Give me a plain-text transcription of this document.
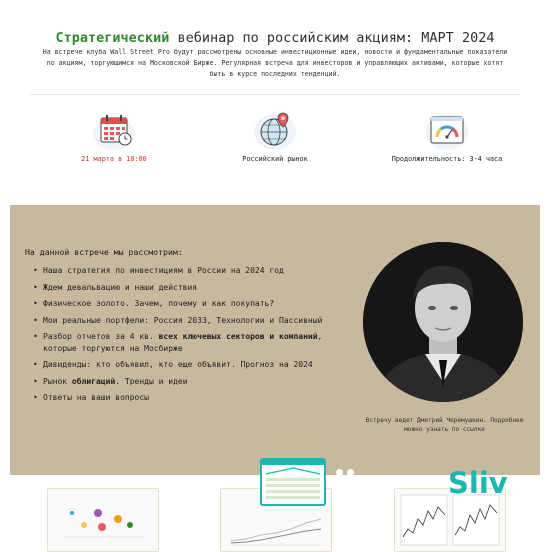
Стратегический вебинар по российским акциям: МАРТ 2024
На встрече клуба Wall Street Pro будут рассмотрены основные инвестиционные идеи, новости и фундаментальные показатели по акциям, торгующимся на Московской Бирже. Регулярная встреча для инвесторов и управляющих активами, которые хотят быть в курсе последних тенденций.
21 марта в 18:00	Российский рынок	Продолжительность: 3-4 часа
На данной встрече мы рассмотрим:
• Наша стратегия по инвестициям в России на 2024 год
• Ждем девальвацию и наши действия
• Физическое золото. Зачем, почему и как покупать?
• Мои реальные портфели: Россия 2033, Технологии и Пассивный
• Разбор отчетов за 4 кв. всех ключевых секторов и компаний, которые торгуются на Мосбирже
• Дивиденды: кто объявил, кто еще объявит. Прогноз на 2024
• Рынок облигаций. Тренды и идеи
• Ответы на ваши вопросы
Встречу ведет Дмитрий Черемушкин. Подробнее можно узнать по ссылке
Sliv
